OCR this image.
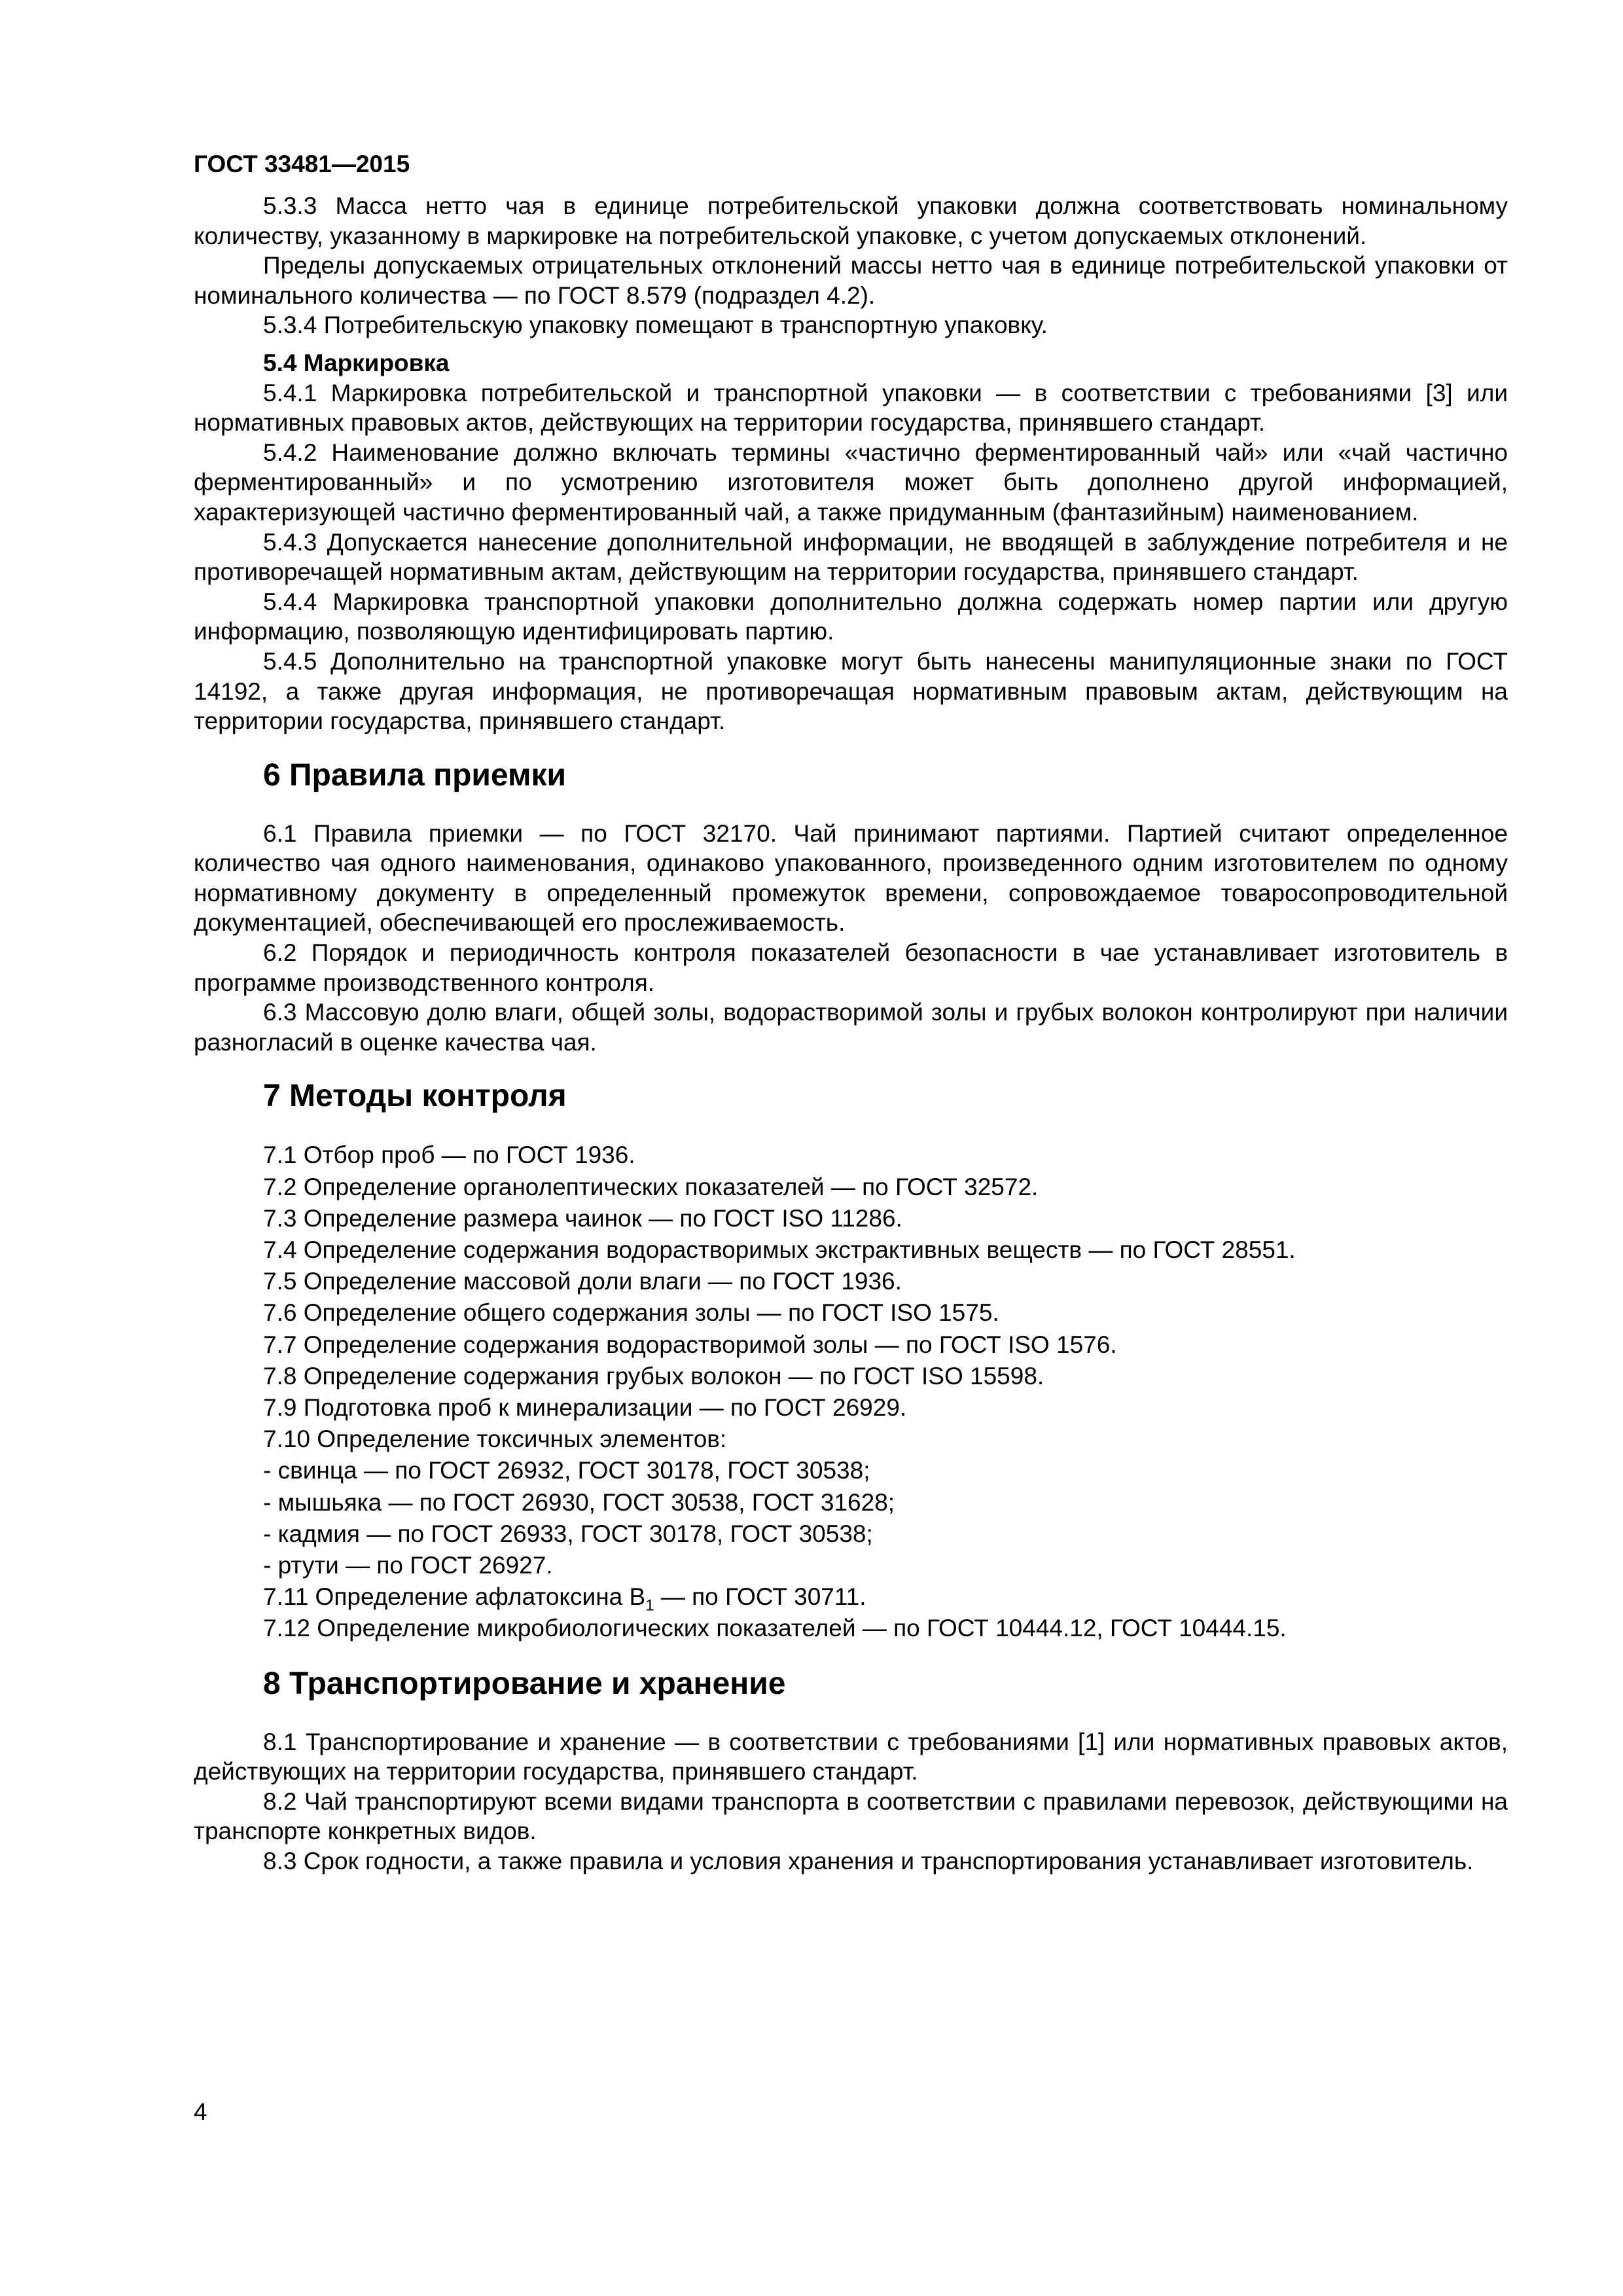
ГОСТ 33481—2015

5.3.3 Масса нетто чая в единице потребительской упаковки должна соответствовать номинальному количеству, указанному в маркировке на потребительской упаковке, с учетом допускаемых отклонений.

Пределы допускаемых отрицательных отклонений массы нетто чая в единице потребительской упаковки от номинального количества — по ГОСТ 8.579 (подраздел 4.2).

5.3.4 Потребительскую упаковку помещают в транспортную упаковку.

5.4 Маркировка

5.4.1 Маркировка потребительской и транспортной упаковки — в соответствии с требованиями [3] или нормативных правовых актов, действующих на территории государства, принявшего стандарт.

5.4.2 Наименование должно включать термины «частично ферментированный чай» или «чай частично ферментированный» и по усмотрению изготовителя может быть дополнено другой информацией, характеризующей частично ферментированный чай, а также придуманным (фантазийным) наименованием.

5.4.3 Допускается нанесение дополнительной информации, не вводящей в заблуждение потребителя и не противоречащей нормативным актам, действующим на территории государства, принявшего стандарт.

5.4.4 Маркировка транспортной упаковки дополнительно должна содержать номер партии или другую информацию, позволяющую идентифицировать партию.

5.4.5 Дополнительно на транспортной упаковке могут быть нанесены манипуляционные знаки по ГОСТ 14192, а также другая информация, не противоречащая нормативным правовым актам, действующим на территории государства, принявшего стандарт.

6 Правила приемки

6.1 Правила приемки — по ГОСТ 32170. Чай принимают партиями. Партией считают определенное количество чая одного наименования, одинаково упакованного, произведенного одним изготовителем по одному нормативному документу в определенный промежуток времени, сопровождаемое товаросопроводительной документацией, обеспечивающей его прослеживаемость.

6.2 Порядок и периодичность контроля показателей безопасности в чае устанавливает изготовитель в программе производственного контроля.

6.3 Массовую долю влаги, общей золы, водорастворимой золы и грубых волокон контролируют при наличии разногласий в оценке качества чая.

7 Методы контроля
7.1 Отбор проб — по ГОСТ 1936.
7.2 Определение органолептических показателей — по ГОСТ 32572.
7.3 Определение размера чаинок — по ГОСТ ISO 11286.
7.4 Определение содержания водорастворимых экстрактивных веществ — по ГОСТ 28551.
7.5 Определение массовой доли влаги — по ГОСТ 1936.
7.6 Определение общего содержания золы — по ГОСТ ISO 1575.
7.7 Определение содержания водорастворимой золы — по ГОСТ ISO 1576.
7.8 Определение содержания грубых волокон — по ГОСТ ISO 15598.
7.9 Подготовка проб к минерализации — по ГОСТ 26929.
7.10 Определение токсичных элементов:
- свинца — по ГОСТ 26932, ГОСТ 30178, ГОСТ 30538;
- мышьяка — по ГОСТ 26930, ГОСТ 30538, ГОСТ 31628;
- кадмия — по ГОСТ 26933, ГОСТ 30178, ГОСТ 30538;
- ртути — по ГОСТ 26927.
7.11 Определение афлатоксина $B_1$ — по ГОСТ 30711.
7.12 Определение микробиологических показателей — по ГОСТ 10444.12, ГОСТ 10444.15.
8 Транспортирование и хранение

8.1 Транспортирование и хранение — в соответствии с требованиями [1] или нормативных правовых актов, действующих на территории государства, принявшего стандарт.

8.2 Чай транспортируют всеми видами транспорта в соответствии с правилами перевозок, действующими на транспорте конкретных видов.

8.3 Срок годности, а также правила и условия хранения и транспортирования устанавливает изготовитель.

4
